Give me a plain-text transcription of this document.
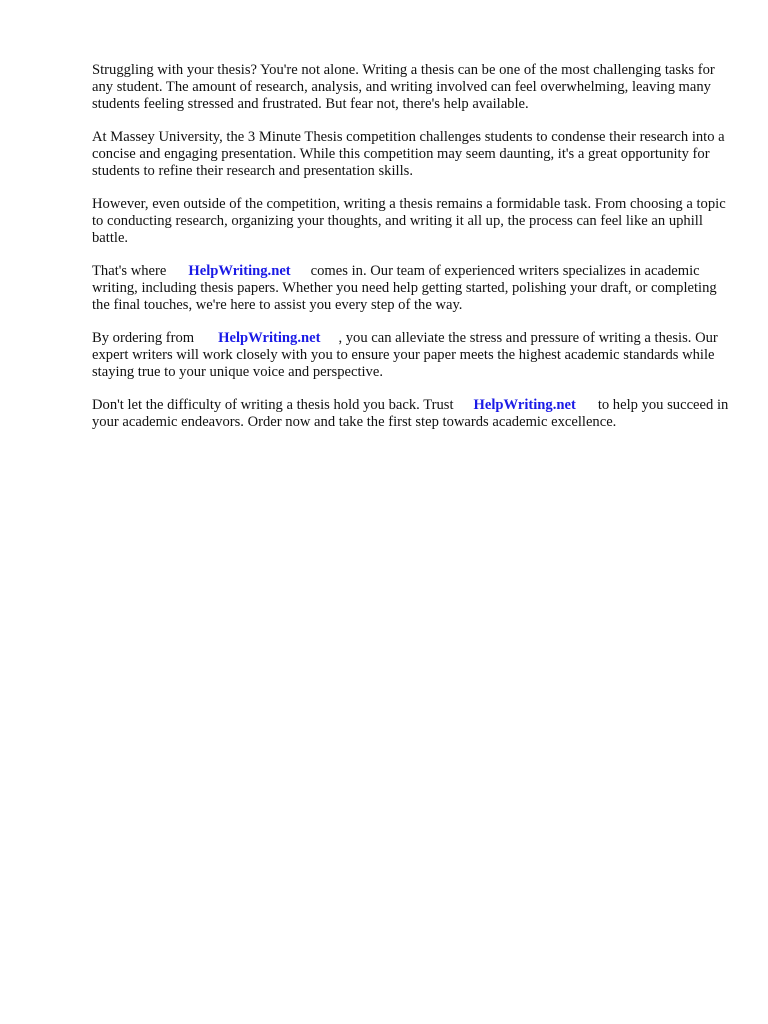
Struggling with your thesis? You're not alone. Writing a thesis can be one of the most challenging tasks for any student. The amount of research, analysis, and writing involved can feel overwhelming, leaving many students feeling stressed and frustrated. But fear not, there's help available.

At Massey University, the 3 Minute Thesis competition challenges students to condense their research into a concise and engaging presentation. While this competition may seem daunting, it's a great opportunity for students to refine their research and presentation skills.

However, even outside of the competition, writing a thesis remains a formidable task. From choosing a topic to conducting research, organizing your thoughts, and writing it all up, the process can feel like an uphill battle.

That's where HelpWriting.net comes in. Our team of experienced writers specializes in academic writing, including thesis papers. Whether you need help getting started, polishing your draft, or completing the final touches, we're here to assist you every step of the way.

By ordering from HelpWriting.net , you can alleviate the stress and pressure of writing a thesis. Our expert writers will work closely with you to ensure your paper meets the highest academic standards while staying true to your unique voice and perspective.

Don't let the difficulty of writing a thesis hold you back. Trust HelpWriting.net to help you succeed in your academic endeavors. Order now and take the first step towards academic excellence.
